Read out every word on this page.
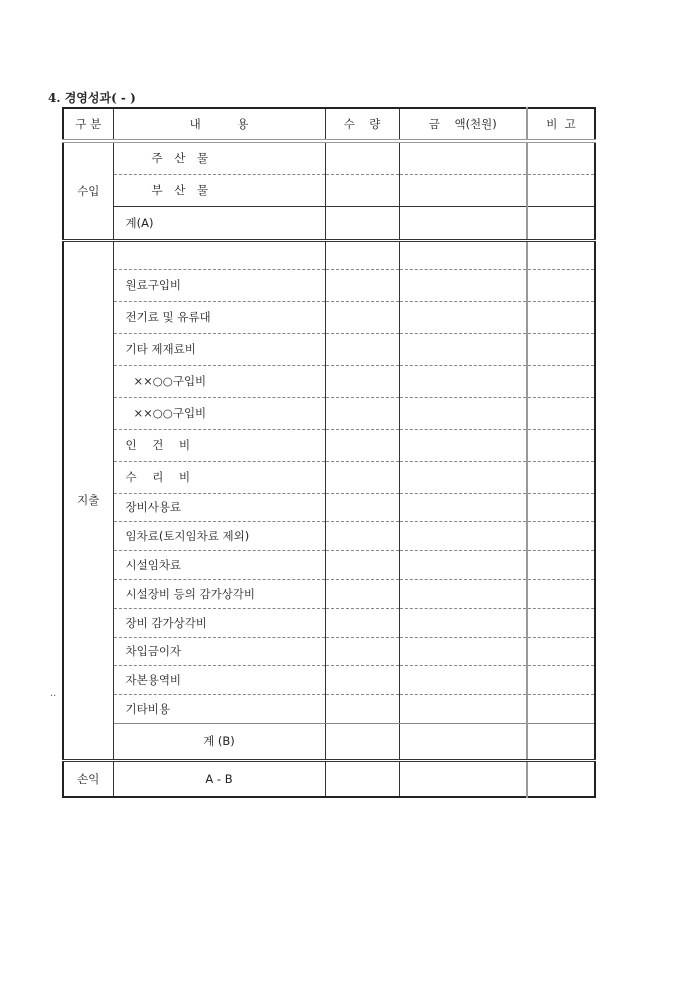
4. 경영성과( - )
..
구 분	내          용	수    량	금    액(천원)	비  고
수입	주 산 물			
	부 산 물			
	계(A)			
지출				
	원료구입비			
	전기료 및 유류대			
	기타 제재료비			
	××○○구입비			
	××○○구입비			
	인 건 비			
	수 리 비			
	장비사용료			
	임차료(토지임차료 제외)			
	시설임차료			
	시설장비 등의 감가상각비			
	장비 감가상각비			
	차입금이자			
	자본용역비			
	기타비용			
	계 (B)			
손익	A - B			
